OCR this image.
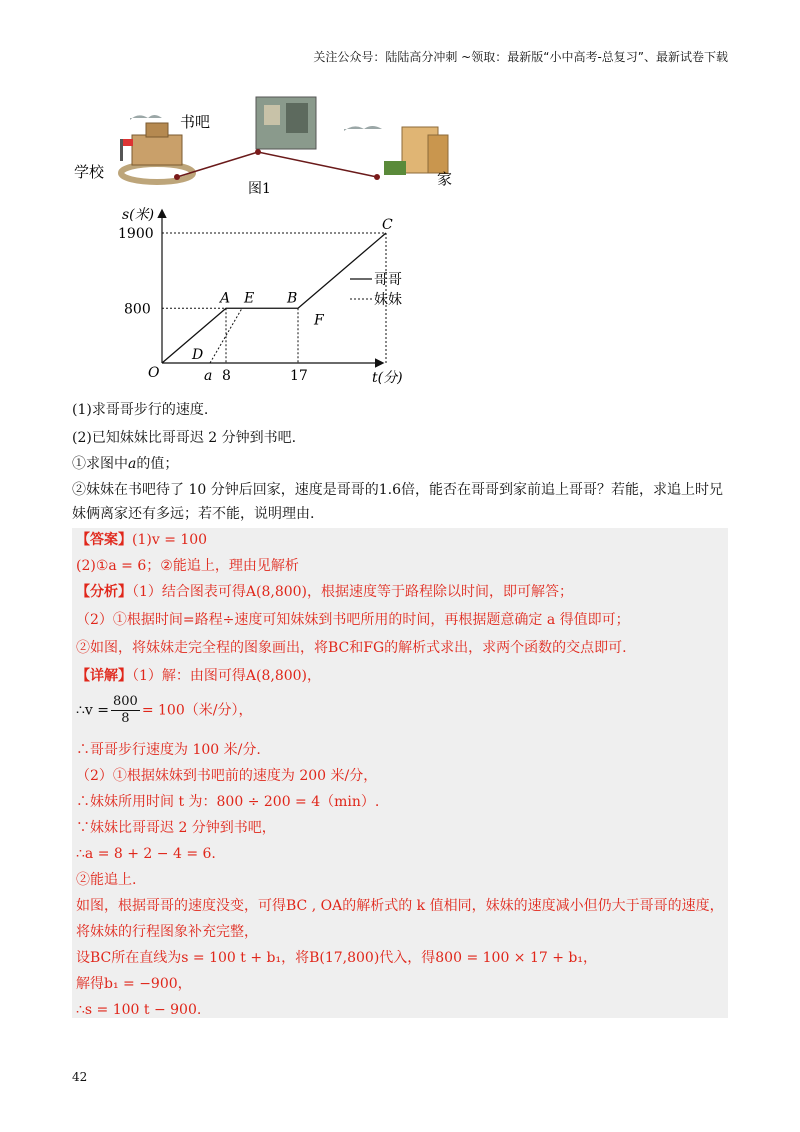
关注公众号：陆陆高分冲刺 ~领取：最新版“小中高考-总复习”、最新试卷下载
学校
书吧
家
图1
s(米)
t(分)
O
1900
800
a 8	17
A E B
C
D
F
哥哥
妹妹
(1)求哥哥步行的速度.
(2)已知妹妹比哥哥迟 2 分钟到书吧.
①求图中a的值；
②妹妹在书吧待了 10 分钟后回家，速度是哥哥的1.6倍，能否在哥哥到家前追上哥哥？若能，求追上时兄
妹俩离家还有多远；若不能，说明理由.
【答案】(1)v = 100
(2)①a = 6；②能追上，理由见解析
【分析】（1）结合图表可得A(8,800)，根据速度等于路程除以时间，即可解答；
（2）①根据时间=路程÷速度可知妹妹到书吧所用的时间，再根据题意确定 a 得值即可；
②如图，将妹妹走完全程的图象画出，将BC和FG的解析式求出，求两个函数的交点即可.
【详解】（1）解：由图可得A(8,800)，
∴v = $\frac{800}{8} = 100$（米/分），
∴哥哥步行速度为 100 米/分.
（2）①根据妹妹到书吧前的速度为 200 米/分，
∴妹妹所用时间 t 为：800 ÷ 200 = 4（min）.
∵妹妹比哥哥迟 2 分钟到书吧，
∴a = 8 + 2 − 4 = 6.
②能追上.
如图，根据哥哥的速度没变，可得BC , OA的解析式的 k 值相同，妹妹的速度减小但仍大于哥哥的速度，
将妹妹的行程图象补充完整，
设BC所在直线为s = 100 t + b₁，将B(17,800)代入，得800 = 100 × 17 + b₁，
解得b₁ = −900，
∴s = 100 t − 900.
42
